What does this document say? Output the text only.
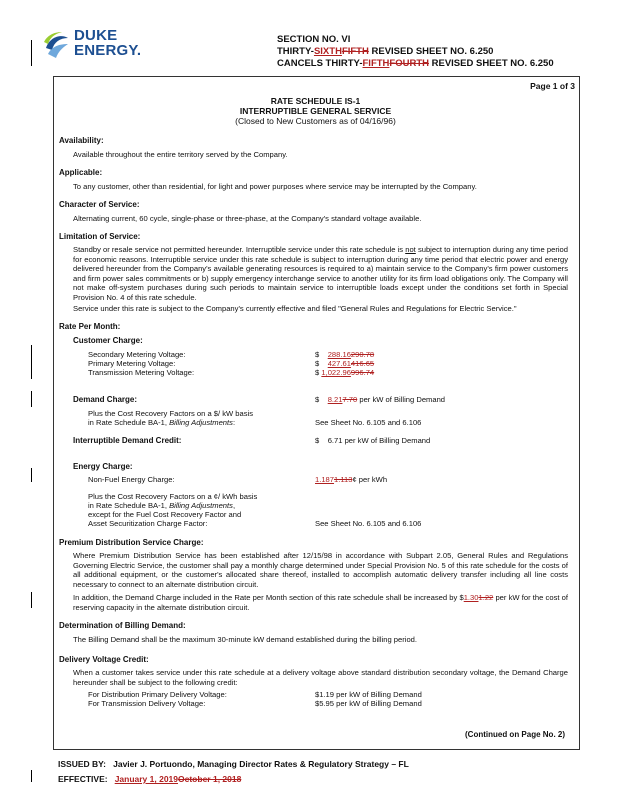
DUKE
ENERGY.
SECTION NO. VI
THIRTY-SIXTHFIFTH REVISED SHEET NO. 6.250
CANCELS THIRTY-FIFTHFOURTH REVISED SHEET NO. 6.250
Page 1 of 3
RATE SCHEDULE IS-1
INTERRUPTIBLE GENERAL SERVICE
(Closed to New Customers as of 04/16/96)
Availability:
Available throughout the entire territory served by the Company.
Applicable:
To any customer, other than residential, for light and power purposes where service may be interrupted by the Company.
Character of Service:
Alternating current, 60 cycle, single-phase or three-phase, at the Company's standard voltage available.
Limitation of Service:
Standby or resale service not permitted hereunder. Interruptible service under this rate schedule is not subject to interruption during any time period for economic reasons. Interruptible service under this rate schedule is subject to interruption during any time period that electric power and energy delivered hereunder from the Company's available generating resources is required to a) maintain service to the Company's firm power customers and firm power sales commitments or b) supply emergency interchange service to another utility for its firm load obligations only. The Company will not make off-system purchases during such periods to maintain service to interruptible loads except under the conditions set forth in Special Provision No. 4 of this rate schedule.
Service under this rate is subject to the Company's currently effective and filed "General Rules and Regulations for Electric Service."
Rate Per Month:
Customer Charge:
Secondary Metering Voltage:	$ 288.16290.78
Primary Metering Voltage:	$ 427.61416.65
Transmission Metering Voltage:	$ 1,022.96996.74
Demand Charge:	$ 8.217.70 per kW of Billing Demand
Plus the Cost Recovery Factors on a $/ kW basis
in Rate Schedule BA-1, Billing Adjustments:	See Sheet No. 6.105 and 6.106
Interruptible Demand Credit:	$ 6.71 per kW of Billing Demand
Energy Charge:
Non-Fuel Energy Charge:	1.1871.113¢ per kWh
Plus the Cost Recovery Factors on a ¢/ kWh basis
in Rate Schedule BA-1, Billing Adjustments,
except for the Fuel Cost Recovery Factor and
Asset Securitization Charge Factor:	See Sheet No. 6.105 and 6.106
Premium Distribution Service Charge:
Where Premium Distribution Service has been established after 12/15/98 in accordance with Subpart 2.05, General Rules and Regulations Governing Electric Service, the customer shall pay a monthly charge determined under Special Provision No. 5 of this rate schedule for the costs of all additional equipment, or the customer's allocated share thereof, installed to accomplish automatic delivery transfer including all line costs necessary to connect to an alternate distribution circuit.
In addition, the Demand Charge included in the Rate per Month section of this rate schedule shall be increased by $1.301.22 per kW for the cost of reserving capacity in the alternate distribution circuit.
Determination of Billing Demand:
The Billing Demand shall be the maximum 30-minute kW demand established during the billing period.
Delivery Voltage Credit:
When a customer takes service under this rate schedule at a delivery voltage above standard distribution secondary voltage, the Demand Charge hereunder shall be subject to the following credit:
For Distribution Primary Delivery Voltage:	$1.19 per kW of Billing Demand
For Transmission Delivery Voltage:	$5.95 per kW of Billing Demand
(Continued on Page No. 2)
ISSUED BY: Javier J. Portuondo, Managing Director Rates & Regulatory Strategy – FL
EFFECTIVE: January 1, 2019October 1, 2018
